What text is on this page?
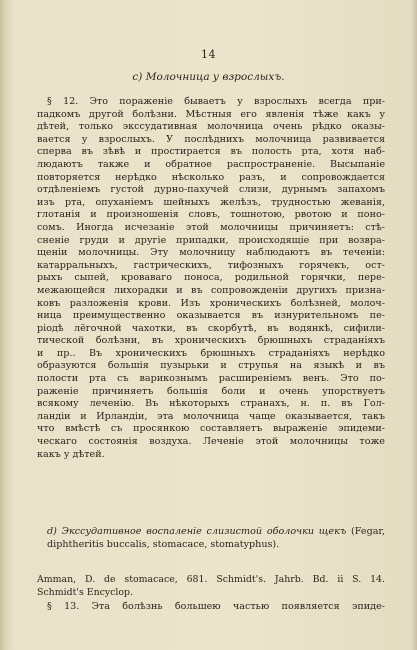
14
с) Молочница у взрослыхъ.
§ 12. Это пораженіе бываетъ у взрослыхъ всегда при-
падкомъ другой болѣзни. Мѣстныя его явленія тѣже какъ у
дѣтей, только экссудативная молочница очень рѣдко оказы-
вается у взрослыхъ. У послѣднихъ молочница развивается
сперва въ зѣвѣ и простирается въ полость рта, хотя наб-
людаютъ также и обратное распространеніе. Высыпаніе
повторяется нерѣдко нѣсколько разъ, и сопровождается
отдѣленіемъ густой дурно-пахучей слизи, дурнымъ запахомъ
изъ рта, опуханіемъ шейныхъ желѣзъ, трудностью жеванія,
глотанія и произношенія словъ, тошнотою, рвотою и поно-
сомъ. Иногда исчезаніе этой молочницы причиняетъ: стѣ-
сненіе груди и другіе припадки, происходящіе при возвра-
щеніи молочницы. Эту молочницу наблюдаютъ въ теченіи:
катарральныхъ, гастрическихъ, тифозныхъ горячекъ, ост-
рыхъ сыпей, кроваваго поноса, родильной горячки, пере-
межающейся лихорадки и въ сопровожденіи другихъ призна-
ковъ разложенія крови. Изъ хроническихъ болѣзней, молоч-
ница преимущественно оказывается въ изнурительномъ пе-
ріодѣ лёгочной чахотки, въ скорбутѣ, въ водянкѣ, сифили-
тической болѣзни, въ хроническихъ брюшныхъ страданіяхъ
и пр.. Въ хроническихъ брюшныхъ страданіяхъ нерѣдко
образуются большія пузырьки и струпья на языкѣ и въ
полости рта съ варикознымъ расширеніемъ венъ. Это по-
раженіе причиняетъ большія боли и очень упорствуетъ
всякому леченію. Въ нѣкоторыхъ странахъ, н. п. въ Гол-
ландіи и Ирландіи, эта молочница чаще оказывается, такъ
что вмѣстѣ съ просянкою составляетъ выраженіе эпидеми-
ческаго состоянія воздуха. Леченіе этой молочницы тоже
какъ у дѣтей.
d) Экссудативное воспаленіе слизистой оболочки щекъ (Fegar,
diphtheritis buccalis, stomacace, stomatyphus).
Amman, D. de stomacace, 681. Schmidt's. Jahrb. Bd. ii S. 14.
Schmidt's Encyclop.
§ 13. Эта болѣзнь большею частью появляется эпиде-
